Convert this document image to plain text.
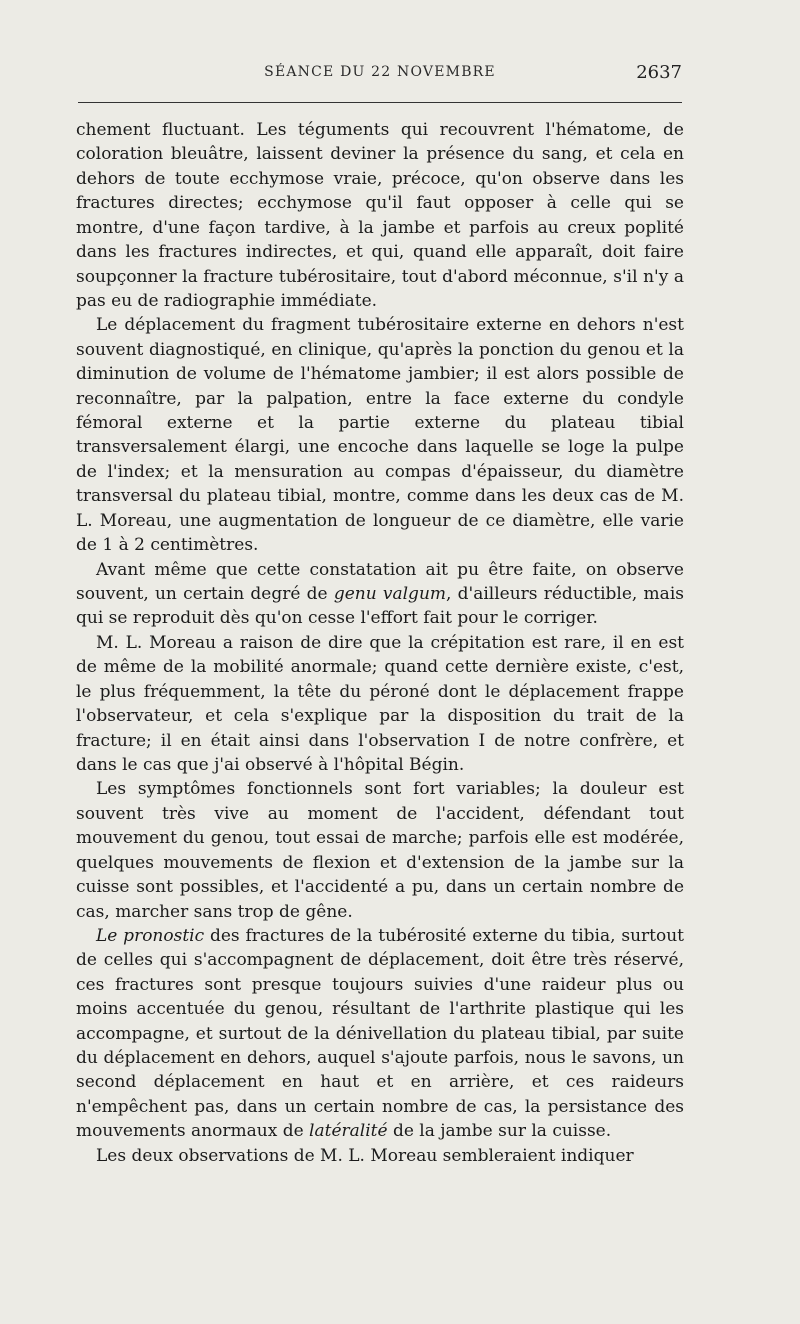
SÉANCE DU 22 NOVEMBRE	2637

chement fluctuant. Les téguments qui recouvrent l'hématome, de coloration bleuâtre, laissent deviner la présence du sang, et cela en dehors de toute ecchymose vraie, précoce, qu'on observe dans les fractures directes; ecchymose qu'il faut opposer à celle qui se montre, d'une façon tardive, à la jambe et parfois au creux poplité dans les fractures indirectes, et qui, quand elle apparaît, doit faire soupçonner la fracture tubérositaire, tout d'abord méconnue, s'il n'y a pas eu de radiographie immédiate.

Le déplacement du fragment tubérositaire externe en dehors n'est souvent diagnostiqué, en clinique, qu'après la ponction du genou et la diminution de volume de l'hématome jambier; il est alors possible de reconnaître, par la palpation, entre la face externe du condyle fémoral externe et la partie externe du plateau tibial transversalement élargi, une encoche dans laquelle se loge la pulpe de l'index; et la mensuration au compas d'épaisseur, du diamètre transversal du plateau tibial, montre, comme dans les deux cas de M. L. Moreau, une augmentation de longueur de ce diamètre, elle varie de 1 à 2 centimètres.

Avant même que cette constatation ait pu être faite, on observe souvent, un certain degré de genu valgum, d'ailleurs réductible, mais qui se reproduit dès qu'on cesse l'effort fait pour le corriger.

M. L. Moreau a raison de dire que la crépitation est rare, il en est de même de la mobilité anormale; quand cette dernière existe, c'est, le plus fréquemment, la tête du péroné dont le déplacement frappe l'observateur, et cela s'explique par la disposition du trait de la fracture; il en était ainsi dans l'observation I de notre confrère, et dans le cas que j'ai observé à l'hôpital Bégin.

Les symptômes fonctionnels sont fort variables; la douleur est souvent très vive au moment de l'accident, défendant tout mouvement du genou, tout essai de marche; parfois elle est modérée, quelques mouvements de flexion et d'extension de la jambe sur la cuisse sont possibles, et l'accidenté a pu, dans un certain nombre de cas, marcher sans trop de gêne.

Le pronostic des fractures de la tubérosité externe du tibia, surtout de celles qui s'accompagnent de déplacement, doit être très réservé, ces fractures sont presque toujours suivies d'une raideur plus ou moins accentuée du genou, résultant de l'arthrite plastique qui les accompagne, et surtout de la dénivellation du plateau tibial, par suite du déplacement en dehors, auquel s'ajoute parfois, nous le savons, un second déplacement en haut et en arrière, et ces raideurs n'empêchent pas, dans un certain nombre de cas, la persistance des mouvements anormaux de latéralité de la jambe sur la cuisse.

Les deux observations de M. L. Moreau sembleraient indiquer
